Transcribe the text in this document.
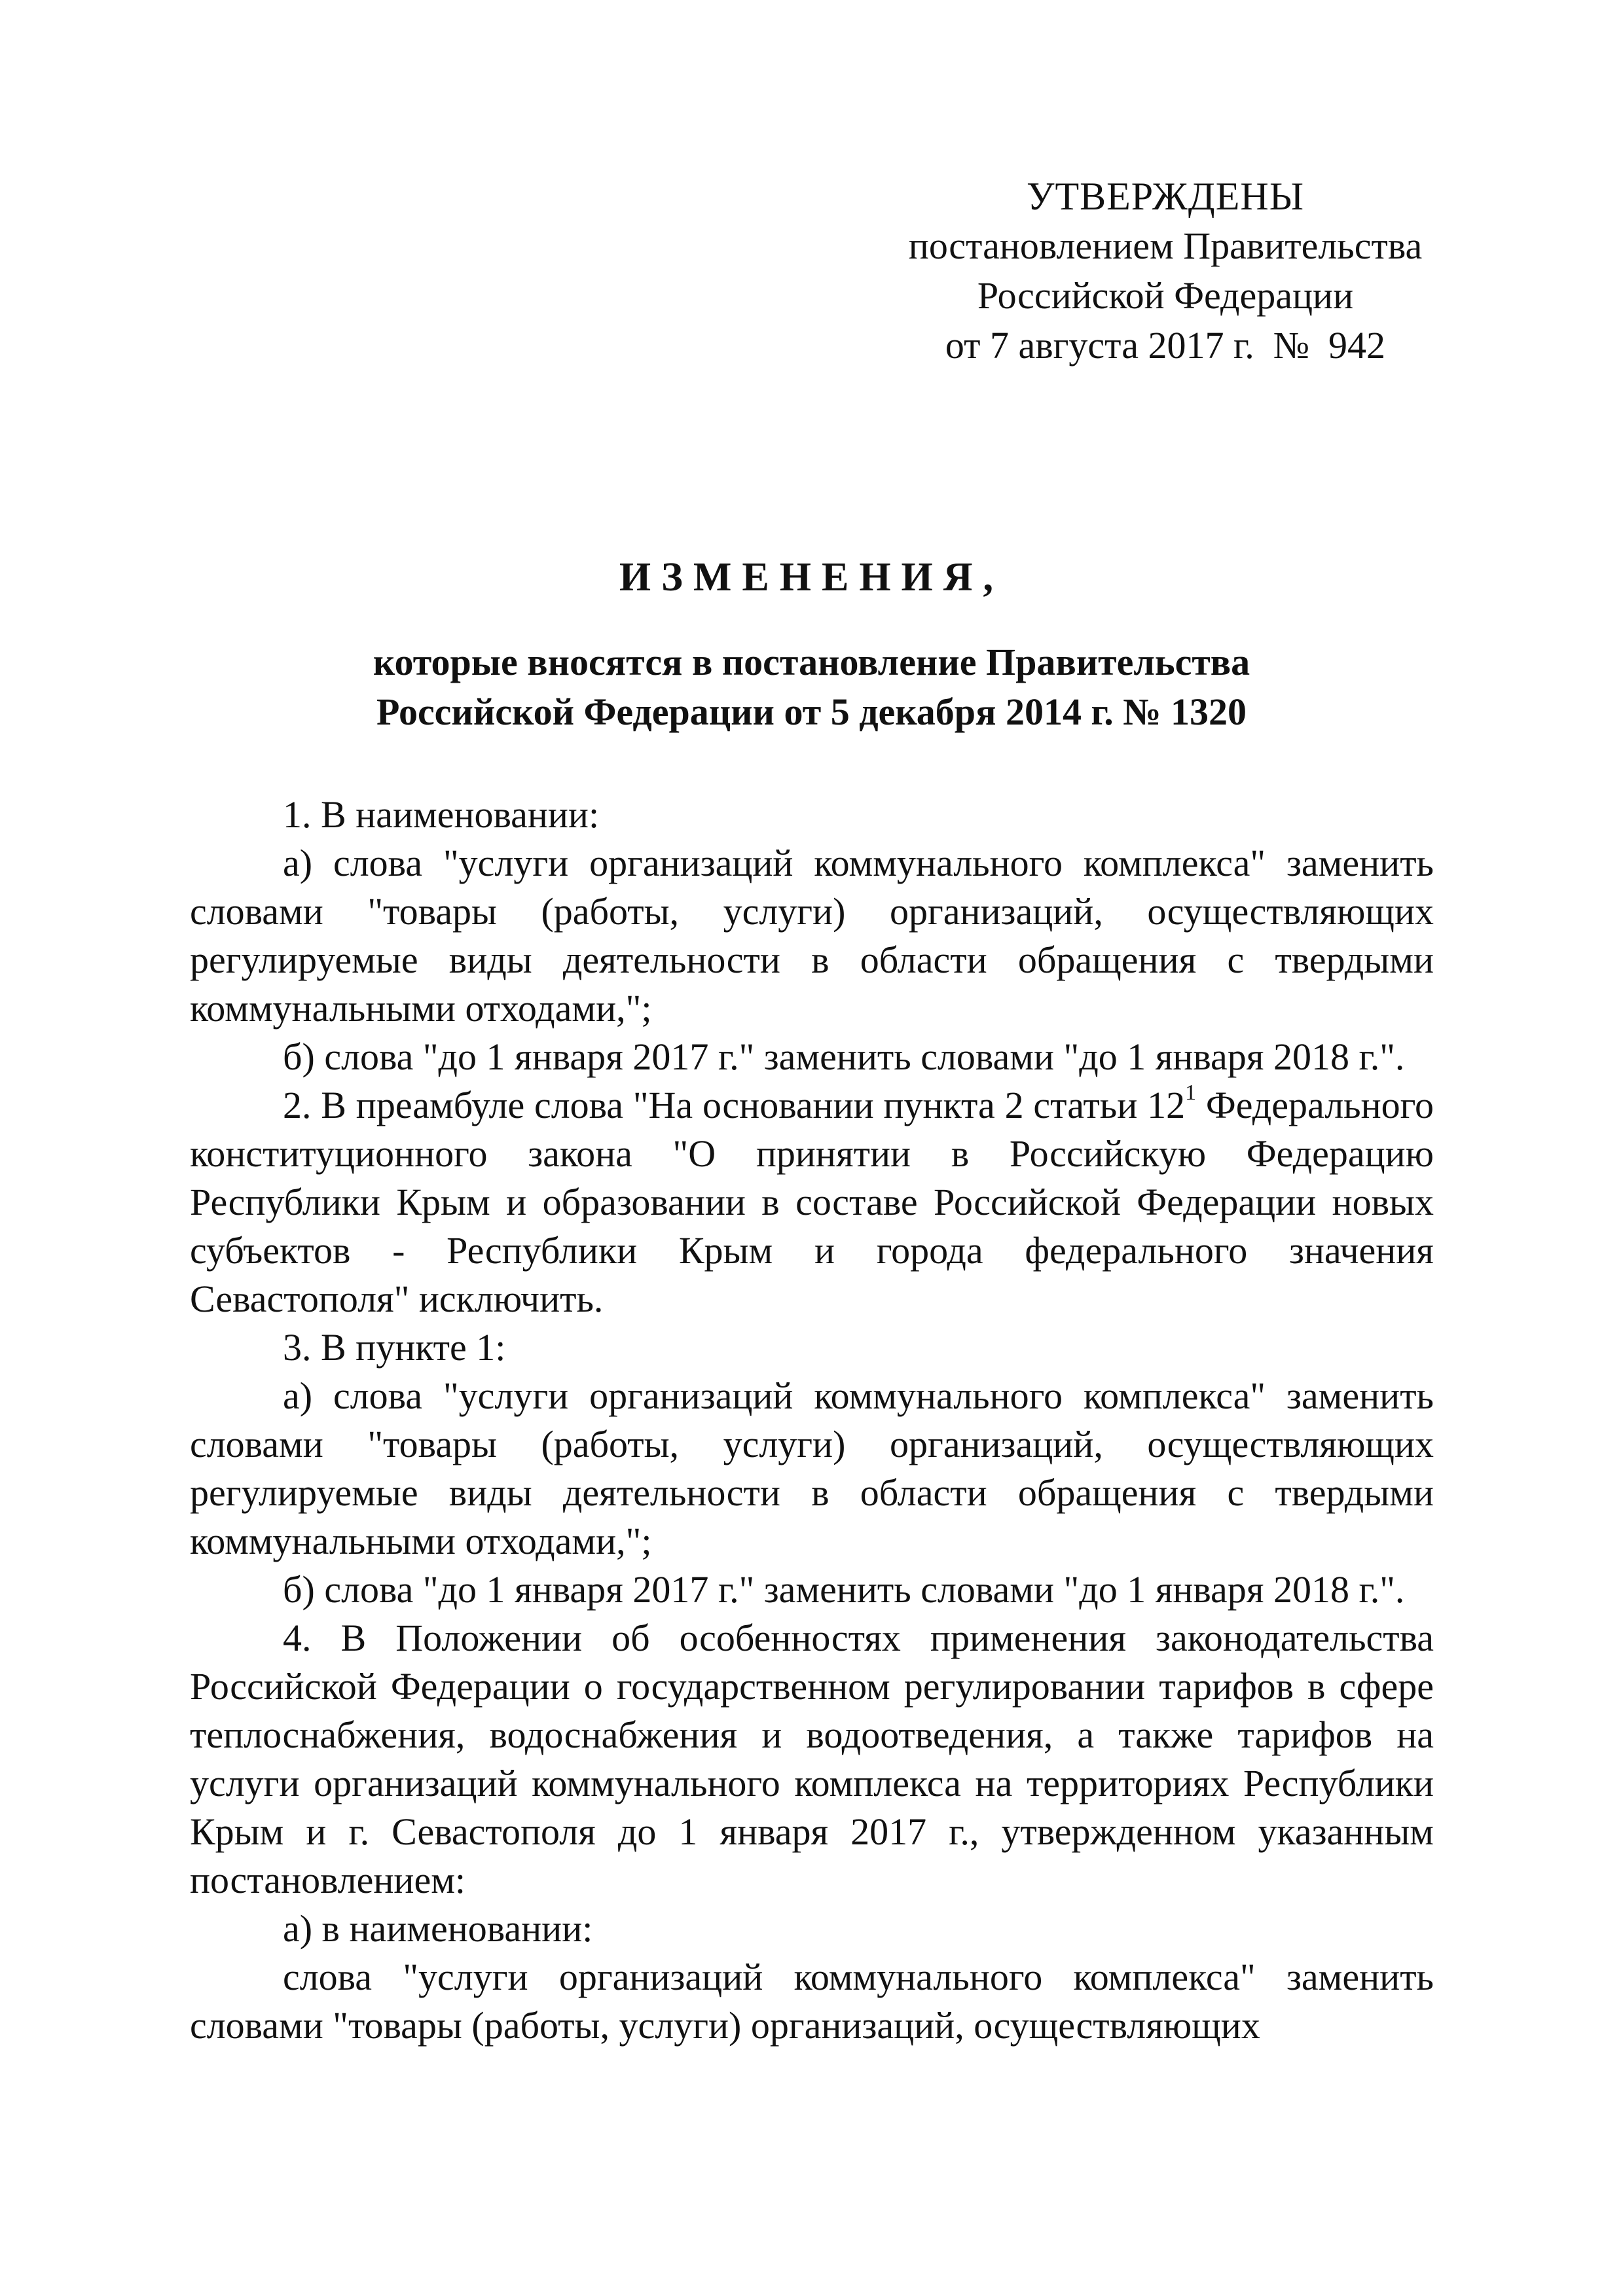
УТВЕРЖДЕНЫ
постановлением Правительства
Российской Федерации
от 7 августа 2017 г.  №  942
ИЗМЕНЕНИЯ,
которые вносятся в постановление Правительства
Российской Федерации от 5 декабря 2014 г. № 1320

1. В наименовании:

а) слова "услуги организаций коммунального комплекса" заменить словами "товары (работы, услуги) организаций, осуществляющих регулируемые виды деятельности в области обращения с твердыми коммунальными отходами,";

б) слова "до 1 января 2017 г." заменить словами "до 1 января 2018 г.".

2. В преамбуле слова "На основании пункта 2 статьи $12^1$ Федерального конституционного закона "О принятии в Российскую Федерацию Республики Крым и образовании в составе Российской Федерации новых субъектов - Республики Крым и города федерального значения Севастополя" исключить.

3. В пункте 1:

а) слова "услуги организаций коммунального комплекса" заменить словами "товары (работы, услуги) организаций, осуществляющих регулируемые виды деятельности в области обращения с твердыми коммунальными отходами,";

б) слова "до 1 января 2017 г." заменить словами "до 1 января 2018 г.".

4. В Положении об особенностях применения законодательства Российской Федерации о государственном регулировании тарифов в сфере теплоснабжения, водоснабжения и водоотведения, а также тарифов на услуги организаций коммунального комплекса на территориях Республики Крым и г. Севастополя до 1 января 2017 г., утвержденном указанным постановлением:

а) в наименовании:

слова "услуги организаций коммунального комплекса" заменить словами "товары (работы, услуги) организаций, осуществляющих
